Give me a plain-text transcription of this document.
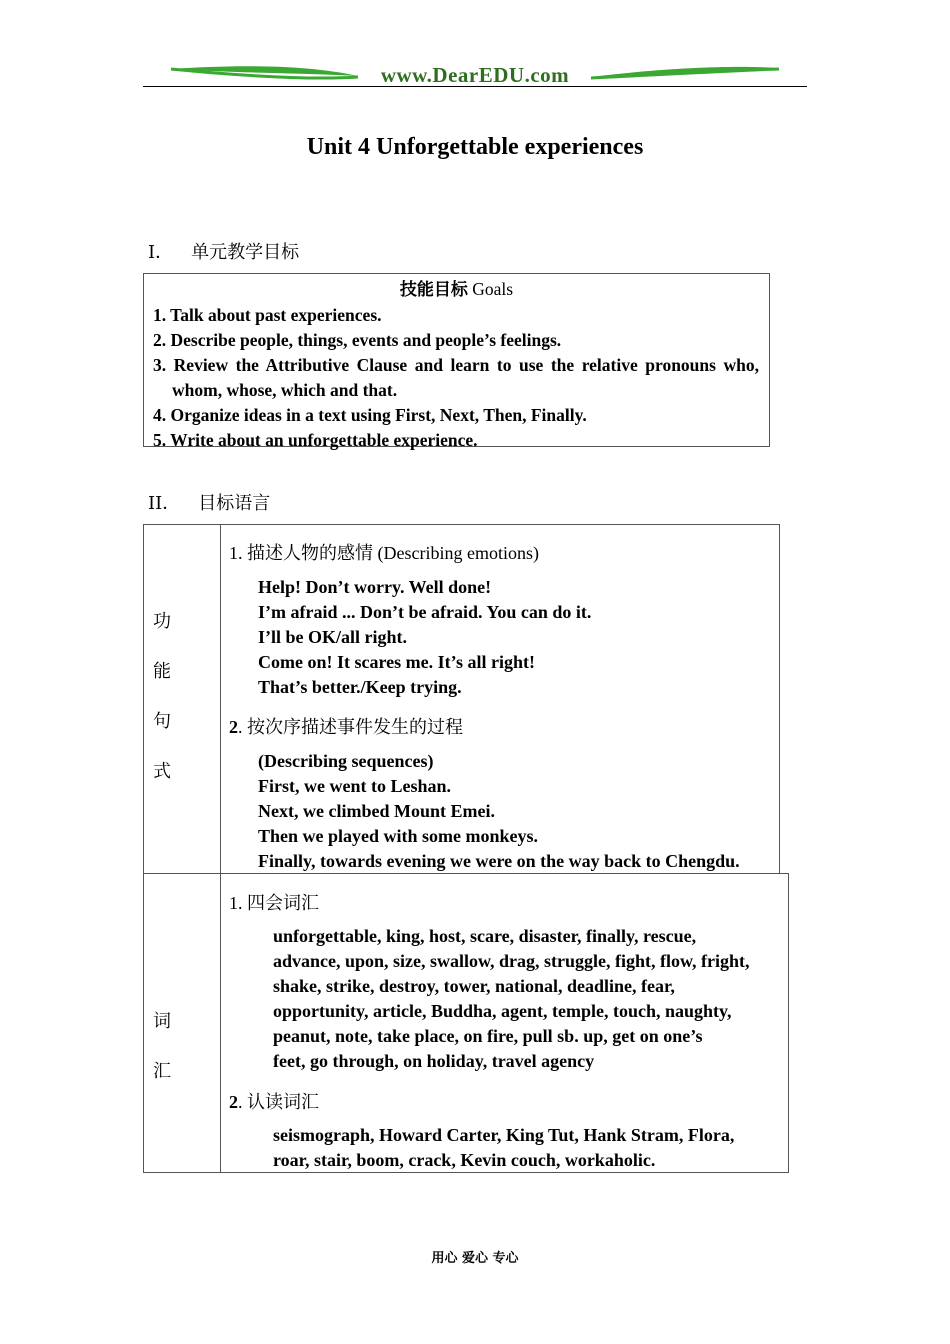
www.DearEDU.com
Unit 4 Unforgettable experiences
Ⅰ． 单元教学目标
技能目标 Goals
1. Talk about past experiences.
2. Describe people, things, events and people’s feelings.
3. Review the Attributive Clause and learn to use the relative pronouns who, whom, whose, which and that.
4. Organize ideas in a text using First, Next, Then, Finally.
5. Write about an unforgettable experience.
ⅠⅠ． 目标语言
功
能
句
式
1. 描述人物的感情 (Describing emotions)
Help! Don’t worry. Well done!
I’m afraid ... Don’t be afraid. You can do it.
I’ll be OK/all right.
Come on! It scares me. It’s all right!
That’s better./Keep trying.
2. 按次序描述事件发生的过程
(Describing sequences)
First, we went to Leshan.
Next, we climbed Mount Emei.
Then we played with some monkeys.
Finally, towards evening we were on the way back to Chengdu.
词
汇
1. 四会词汇
unforgettable, king, host, scare, disaster, finally, rescue,
advance, upon, size, swallow, drag, struggle, fight, flow, fright,
shake, strike, destroy, tower, national, deadline, fear,
opportunity, article, Buddha, agent, temple, touch, naughty,
peanut, note, take place, on fire, pull sb. up, get on one’s
feet, go through, on holiday, travel agency
2. 认读词汇
seismograph, Howard Carter, King Tut, Hank Stram, Flora,
roar, stair, boom, crack, Kevin couch, workaholic.
用心 爱心 专心
